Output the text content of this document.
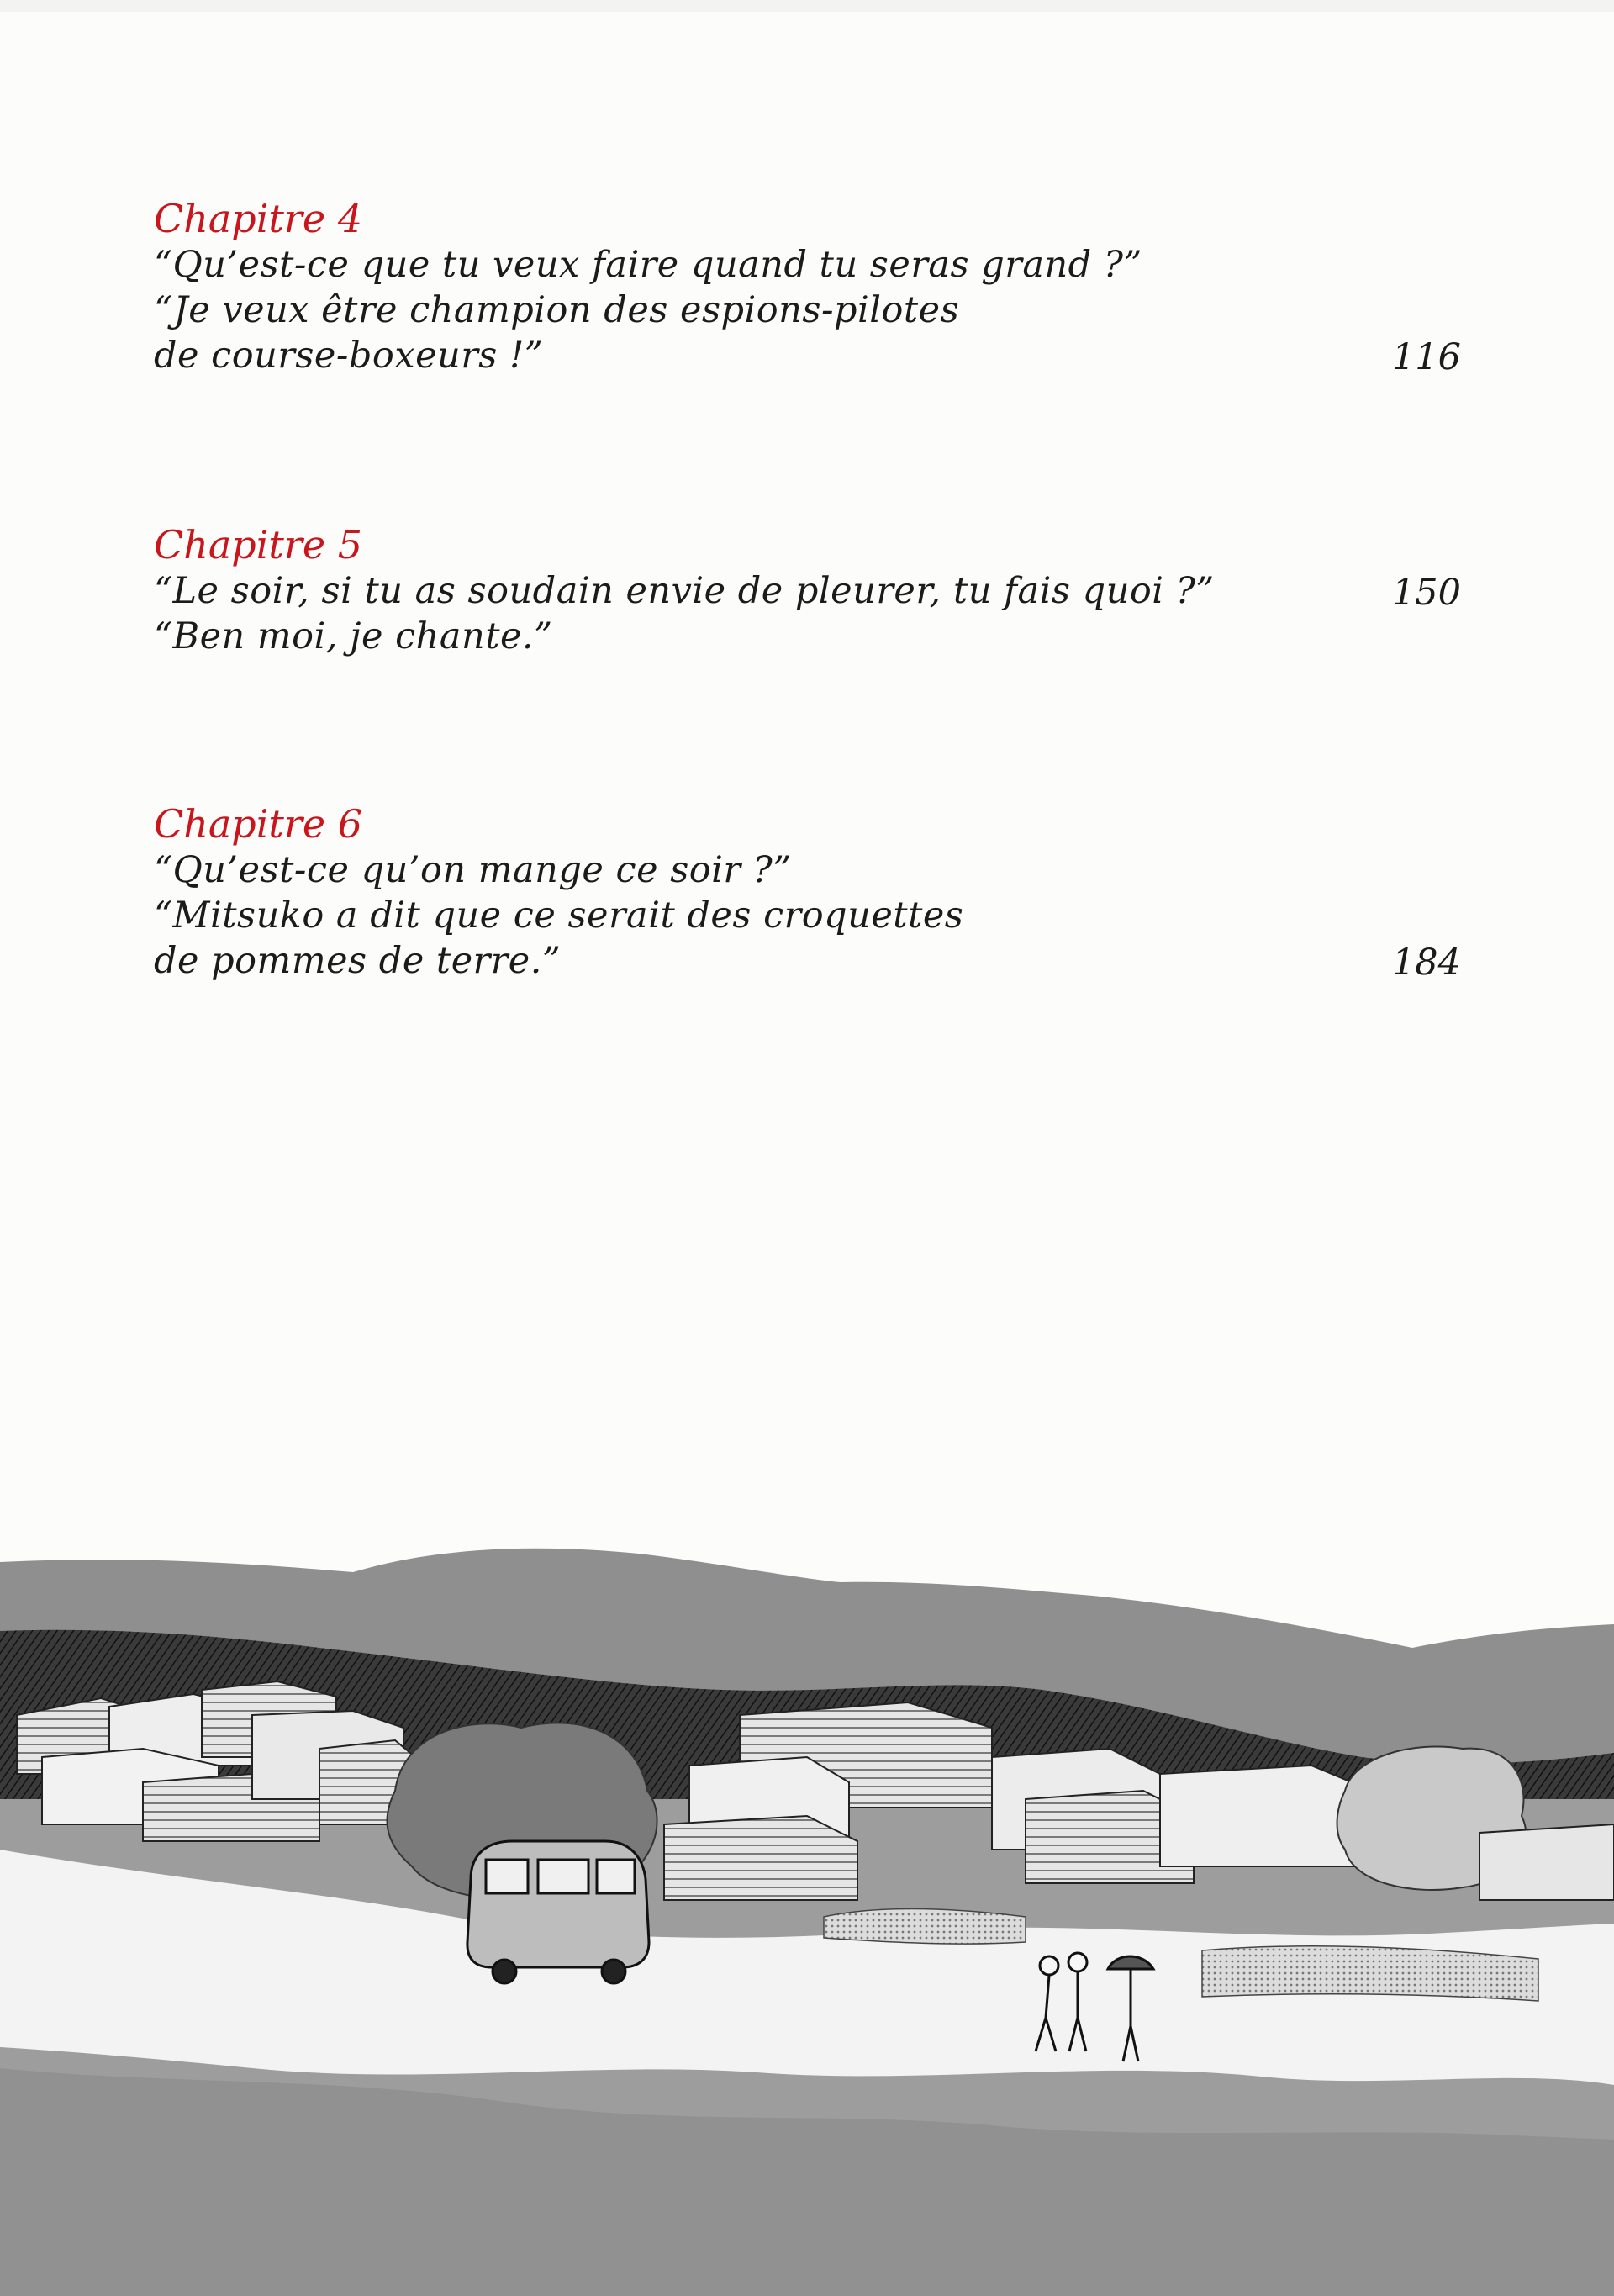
Chapitre 4
“Qu’est-ce que tu veux faire quand tu seras grand ?”
“Je veux être champion des espions-pilotes
de course-boxeurs !”	116
Chapitre 5
“Le soir, si tu as soudain envie de pleurer, tu fais quoi ?”
“Ben moi, je chante.”
150
Chapitre 6
“Qu’est-ce qu’on mange ce soir ?”
“Mitsuko a dit que ce serait des croquettes
de pommes de terre.”	184
